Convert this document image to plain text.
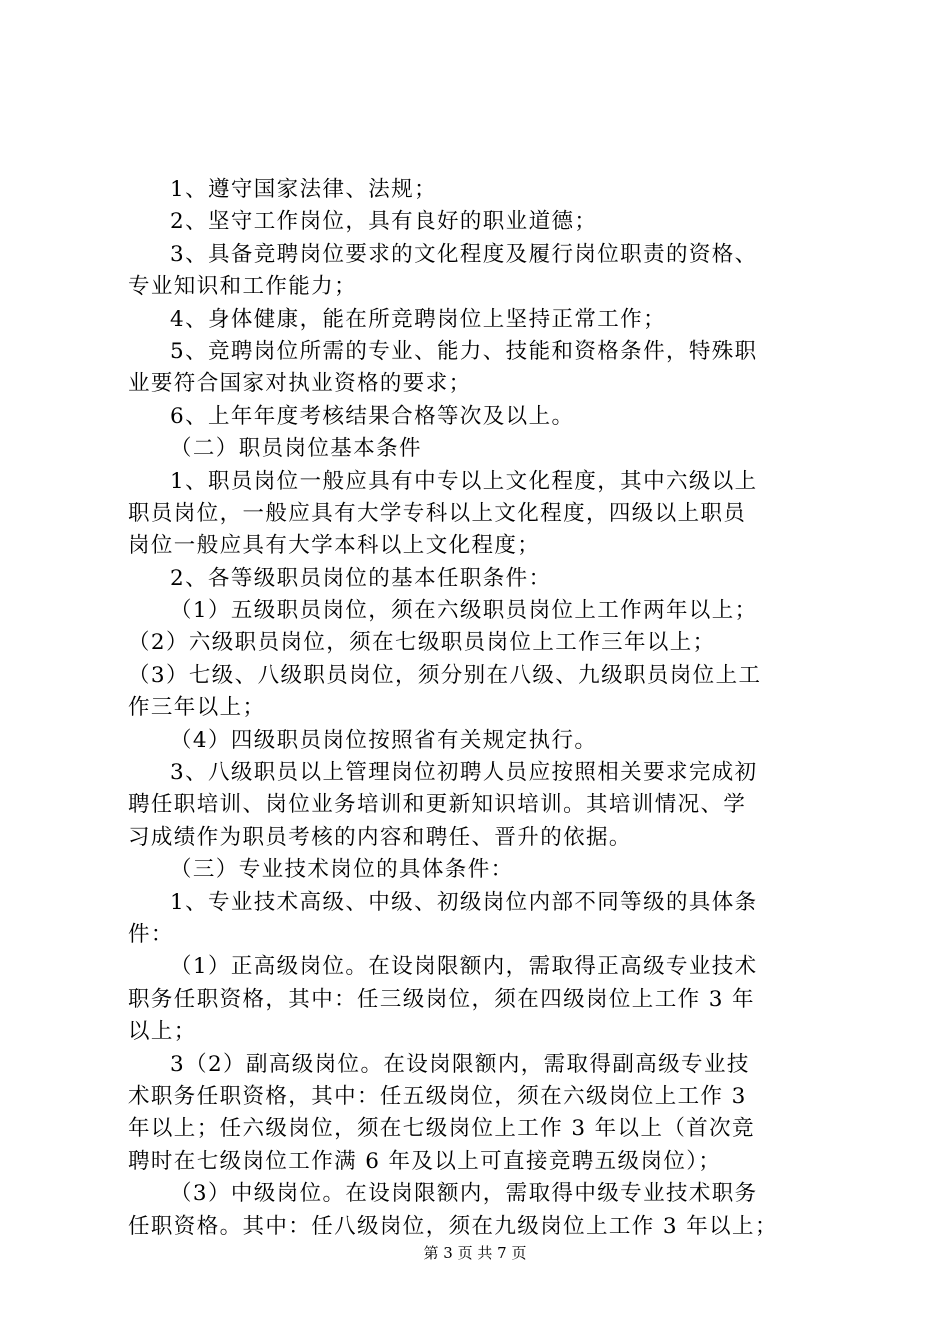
1、遵守国家法律、法规；
2、坚守工作岗位，具有良好的职业道德；
3、具备竞聘岗位要求的文化程度及履行岗位职责的资格、
专业知识和工作能力；
4、身体健康，能在所竞聘岗位上坚持正常工作；
5、竞聘岗位所需的专业、能力、技能和资格条件，特殊职
业要符合国家对执业资格的要求；
6、上年年度考核结果合格等次及以上。
（二）职员岗位基本条件
1、职员岗位一般应具有中专以上文化程度，其中六级以上
职员岗位，一般应具有大学专科以上文化程度，四级以上职员
岗位一般应具有大学本科以上文化程度；
2、各等级职员岗位的基本任职条件：
（1）五级职员岗位，须在六级职员岗位上工作两年以上；
（2）六级职员岗位，须在七级职员岗位上工作三年以上；
（3）七级、八级职员岗位，须分别在八级、九级职员岗位上工
作三年以上；
（4）四级职员岗位按照省有关规定执行。
3、八级职员以上管理岗位初聘人员应按照相关要求完成初
聘任职培训、岗位业务培训和更新知识培训。其培训情况、学
习成绩作为职员考核的内容和聘任、晋升的依据。
（三）专业技术岗位的具体条件：
1、专业技术高级、中级、初级岗位内部不同等级的具体条
件：
（1）正高级岗位。在设岗限额内，需取得正高级专业技术
职务任职资格，其中：任三级岗位，须在四级岗位上工作 3 年
以上；
3（2）副高级岗位。在设岗限额内，需取得副高级专业技
术职务任职资格，其中：任五级岗位，须在六级岗位上工作 3
年以上；任六级岗位，须在七级岗位上工作 3 年以上（首次竞
聘时在七级岗位工作满 6 年及以上可直接竞聘五级岗位）；
（3）中级岗位。在设岗限额内，需取得中级专业技术职务
任职资格。其中：任八级岗位，须在九级岗位上工作 3 年以上；
第 3 页 共 7 页
